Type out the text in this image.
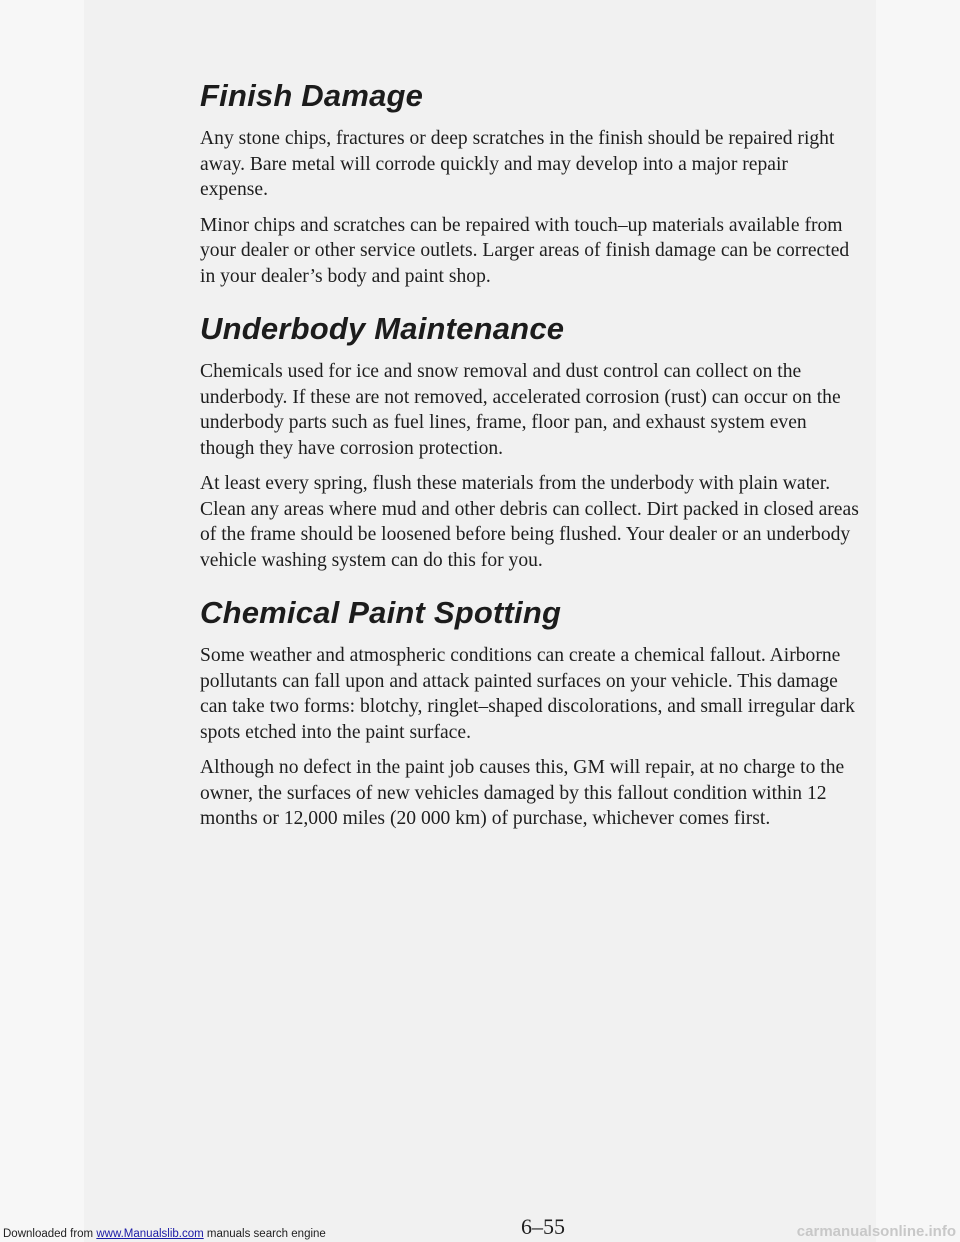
Finish Damage

Any stone chips, fractures or deep scratches in the finish should be repaired right away. Bare metal will corrode quickly and may develop into a major repair expense.

Minor chips and scratches can be repaired with touch–up materials available from your dealer or other service outlets. Larger areas of finish damage can be corrected in your dealer’s body and paint shop.

Underbody Maintenance

Chemicals used for ice and snow removal and dust control can collect on the underbody. If these are not removed, accelerated corrosion (rust) can occur on the underbody parts such as fuel lines, frame, floor pan, and exhaust system even though they have corrosion protection.

At least every spring, flush these materials from the underbody with plain water. Clean any areas where mud and other debris can collect. Dirt packed in closed areas of the frame should be loosened before being flushed. Your dealer or an underbody vehicle washing system can do this for you.

Chemical Paint Spotting

Some weather and atmospheric conditions can create a chemical fallout. Airborne pollutants can fall upon and attack painted surfaces on your vehicle. This damage can take two forms: blotchy, ringlet–shaped discolorations, and small irregular dark spots etched into the paint surface.

Although no defect in the paint job causes this, GM will repair, at no charge to the owner, the surfaces of new vehicles damaged by this fallout condition within 12 months or 12,000 miles (20 000 km) of purchase, whichever comes first.

6–55
Downloaded from www.Manualslib.com manuals search engine	carmanualsonline.info
